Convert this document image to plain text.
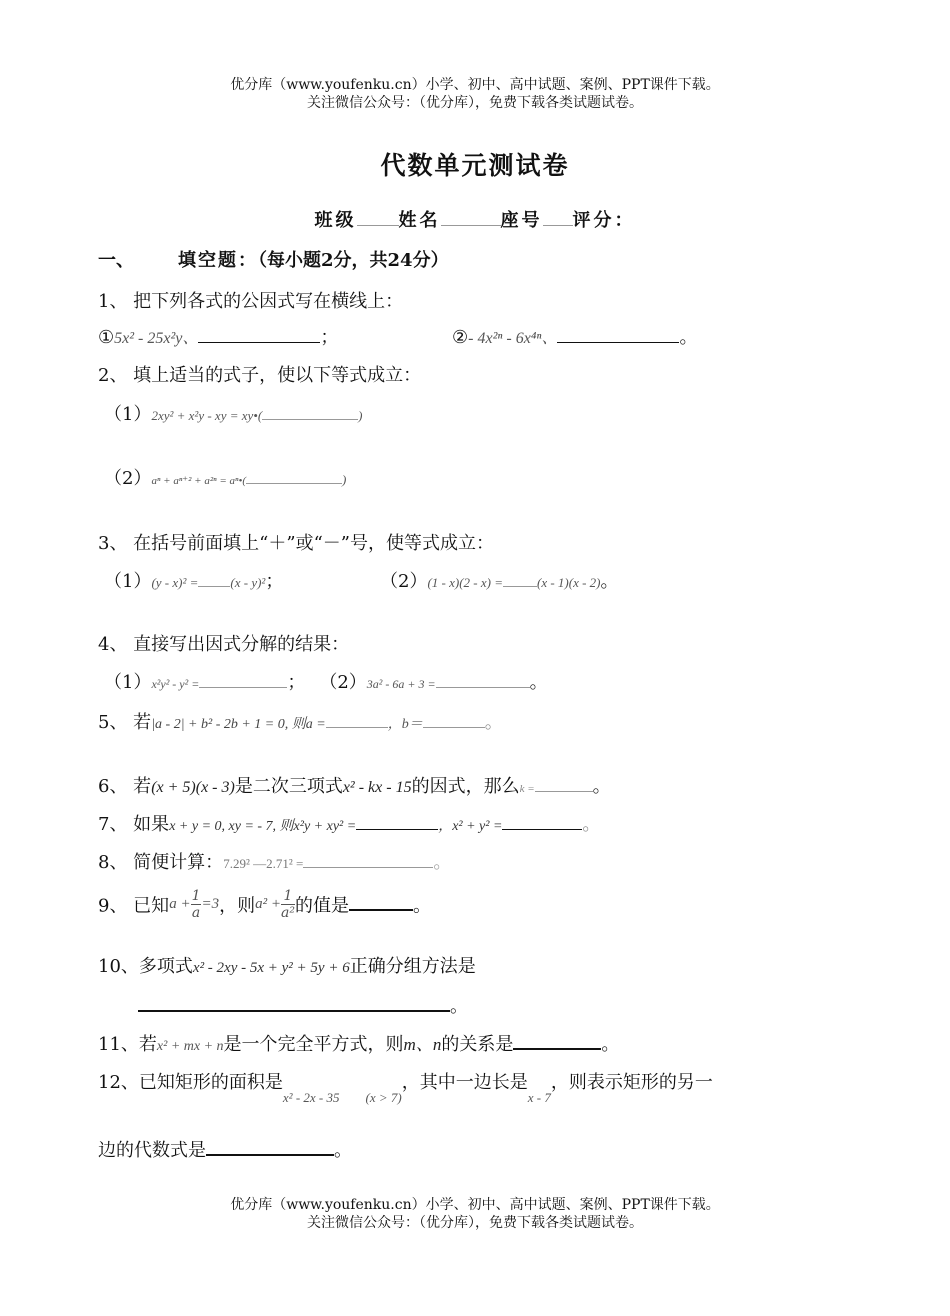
优分库（www.youfenku.cn）小学、初中、高中试题、案例、PPT课件下载。
关注微信公众号：（优分库），免费下载各类试题试卷。
代数单元测试卷
班级 姓名	座号 评分：
一、 填空题：（每小题2分，共24分）
1、 把下列各式的公因式写在横线上：
①5x² - 25x²y、	；	②- 4x²ⁿ - 6x⁴ⁿ、	。
2、 填上适当的式子，使以下等式成立：
（1）2xy² + x²y - xy = xy•(	)
（2）aⁿ + aⁿ⁺² + a²ⁿ = aⁿ•(	)
3、 在括号前面填上“＋”或“－”号，使等式成立：
（1）(y - x)² = (x - y)²；	（2）(1 - x)(2 - x) =	(x - 1)(x - 2)。
4、 直接写出因式分解的结果：
（1）x²y² - y² =	； （2）3a² - 6a + 3 =	。
5、 若|a - 2| + b² - 2b + 1 = 0, 则a =	，b＝	。
6、 若(x + 5)(x - 3)是二次三项式x² - kx - 15的因式，那么k =	。
7、 如果x + y = 0, xy = - 7, 则x²y + xy² =	，x² + y² =	。
8、 简便计算：7.29² —2.71² =	。
9、 已知$a + \frac{1}{a} =3$，则$a^2 + \frac{1}{\text{a²}}$ 的值是	。
10、多项式x² - 2xy - 5x + y² + 5y + 6正确分组方法是
。
11、若x² + mx + n是一个完全平方式，则m、n的关系是	。
12、已知矩形的面积是$_{x^2 - 2x - 35}$ $_{(x > 7)}$，其中一边长是$_{x - 7}$，则表示矩形的另一
边的代数式是	。
优分库（www.youfenku.cn）小学、初中、高中试题、案例、PPT课件下载。
关注微信公众号：（优分库），免费下载各类试题试卷。
